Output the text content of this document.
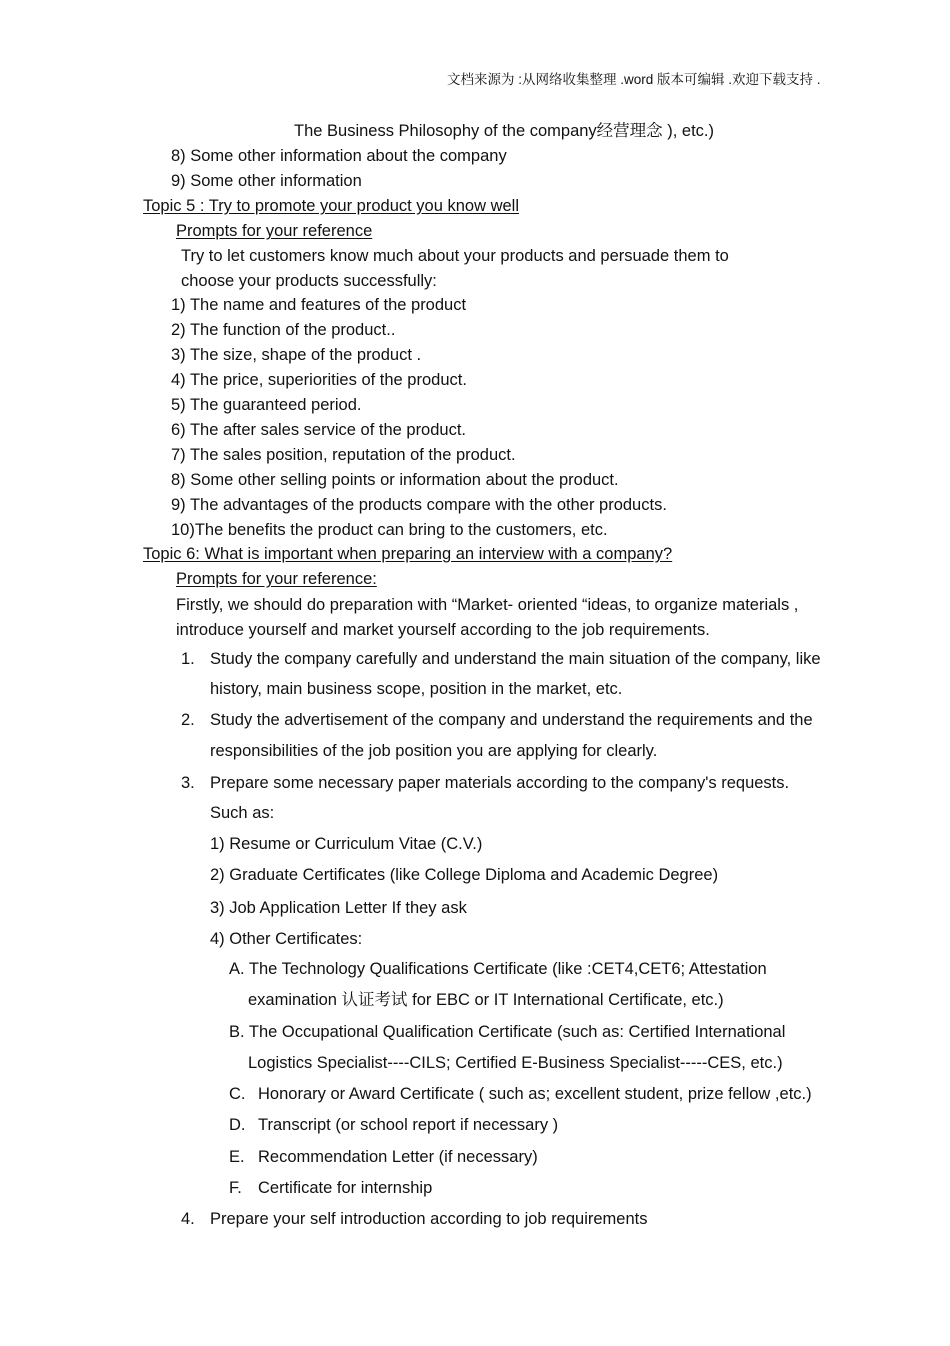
文档来源为 :从网络收集整理 .word 版本可编辑 .欢迎下载支持 .
The Business Philosophy of the company经营理念 ), etc.)
8) Some other information about the company
9) Some other information
Topic 5 : Try to promote your product you know well
Prompts for your reference
Try to let customers know much about your products and persuade them to
choose your products successfully:
1) The name and features of the product
2) The function of the product..
3) The size, shape of the product .
4) The price, superiorities of the product.
5) The guaranteed period.
6) The after sales service of the product.
7) The sales position, reputation of the product.
8) Some other selling points or information about the product.
9) The advantages of the products compare with the other products.
10)The benefits the product can bring to the customers, etc.
Topic 6: What is important when preparing an interview with a company?
Prompts for your reference:
Firstly, we should do preparation with “Market- oriented “ideas, to organize materials ,
introduce yourself and market yourself according to the job requirements.
1. Study the company carefully and understand the main situation of the company, like
history, main business scope, position in the market, etc.
2. Study the advertisement of the company and understand the requirements and the
responsibilities of the job position you are applying for clearly.
3. Prepare some necessary paper materials according to the company's requests.
Such as:
1) Resume or Curriculum Vitae (C.V.)
2) Graduate Certificates (like College Diploma and Academic Degree)
3) Job Application Letter If they ask
4) Other Certificates:
A. The Technology Qualifications Certificate (like :CET4,CET6; Attestation
examination 认证考试 for EBC or IT International Certificate, etc.)
B. The Occupational Qualification Certificate (such as: Certified International
Logistics Specialist----CILS; Certified E-Business Specialist-----CES, etc.)
C. Honorary or Award Certificate ( such as; excellent student, prize fellow ,etc.)
D. Transcript (or school report if necessary )
E. Recommendation Letter (if necessary)
F. Certificate for internship
4. Prepare your self introduction according to job requirements
